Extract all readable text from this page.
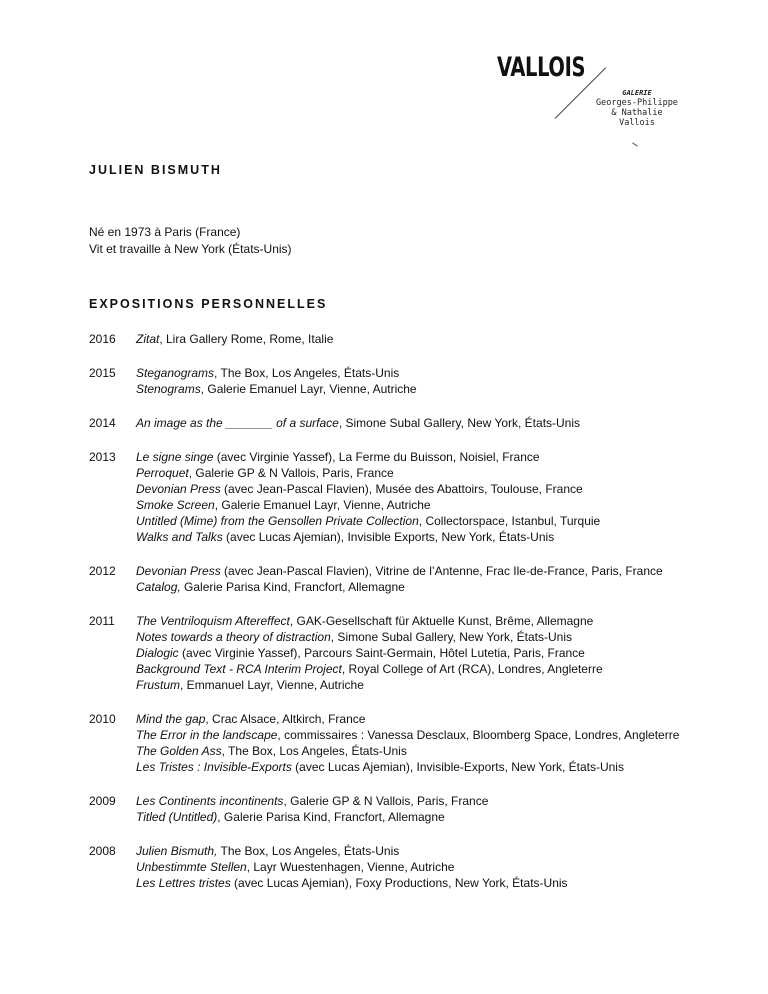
VALLOIS
GALERIE
Georges-Philippe
& Nathalie
Vallois
JULIEN BISMUTH
Né en 1973 à Paris (France)
Vit et travaille à New York (États-Unis)
EXPOSITIONS PERSONNELLES
2016	Zitat, Lira Gallery Rome, Rome, Italie
2015	Steganograms, The Box, Los Angeles, États-Unis
Stenograms, Galerie Emanuel Layr, Vienne, Autriche
2014	An image as the _______ of a surface, Simone Subal Gallery, New York, États-Unis
2013	Le signe singe (avec Virginie Yassef), La Ferme du Buisson, Noisiel, France
Perroquet, Galerie GP & N Vallois, Paris, France
Devonian Press (avec Jean-Pascal Flavien), Musée des Abattoirs, Toulouse, France
Smoke Screen, Galerie Emanuel Layr, Vienne, Autriche
Untitled (Mime) from the Gensollen Private Collection, Collectorspace, Istanbul, Turquie
Walks and Talks (avec Lucas Ajemian), Invisible Exports, New York, États-Unis
2012	Devonian Press (avec Jean-Pascal Flavien), Vitrine de l’Antenne, Frac Ile-de-France, Paris, France
Catalog, Galerie Parisa Kind, Francfort, Allemagne
2011	The Ventriloquism Aftereffect, GAK-Gesellschaft für Aktuelle Kunst, Brême, Allemagne
Notes towards a theory of distraction, Simone Subal Gallery, New York, États-Unis
Dialogic (avec Virginie Yassef), Parcours Saint-Germain, Hôtel Lutetia, Paris, France
Background Text - RCA Interim Project, Royal College of Art (RCA), Londres, Angleterre
Frustum, Emmanuel Layr, Vienne, Autriche
2010	Mind the gap, Crac Alsace, Altkirch, France
The Error in the landscape, commissaires : Vanessa Desclaux, Bloomberg Space, Londres, Angleterre
The Golden Ass, The Box, Los Angeles, États-Unis
Les Tristes : Invisible-Exports (avec Lucas Ajemian), Invisible-Exports, New York, États-Unis
2009	Les Continents incontinents, Galerie GP & N Vallois, Paris, France
Titled (Untitled), Galerie Parisa Kind, Francfort, Allemagne
2008	Julien Bismuth, The Box, Los Angeles, États-Unis
Unbestimmte Stellen, Layr Wuestenhagen, Vienne, Autriche
Les Lettres tristes (avec Lucas Ajemian), Foxy Productions, New York, États-Unis
